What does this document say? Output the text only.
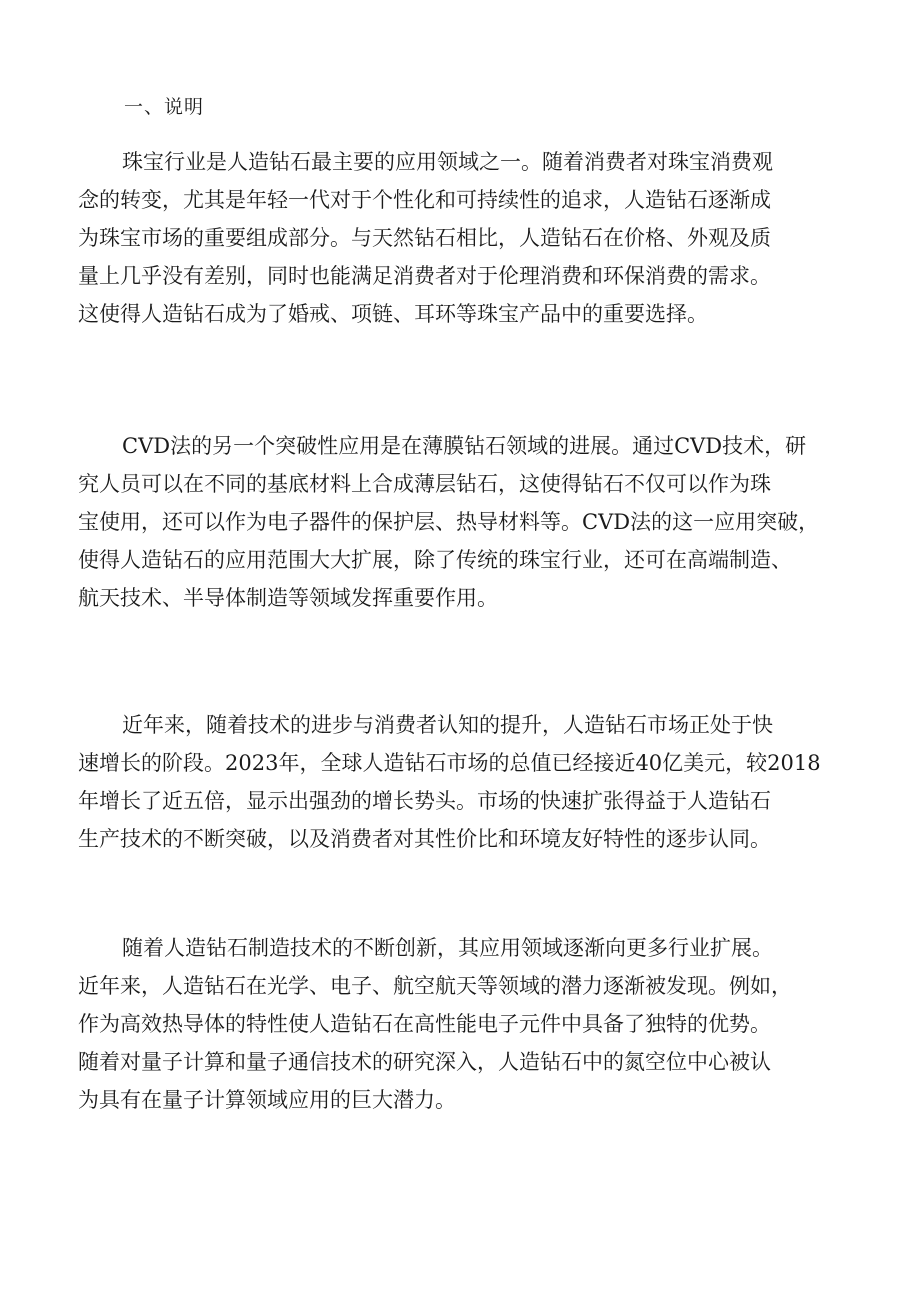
一、说明
珠宝行业是人造钻石最主要的应用领域之一。随着消费者对珠宝消费观
念的转变，尤其是年轻一代对于个性化和可持续性的追求，人造钻石逐渐成
为珠宝市场的重要组成部分。与天然钻石相比，人造钻石在价格、外观及质
量上几乎没有差别，同时也能满足消费者对于伦理消费和环保消费的需求。
这使得人造钻石成为了婚戒、项链、耳环等珠宝产品中的重要选择。
CVD法的另一个突破性应用是在薄膜钻石领域的进展。通过CVD技术，研
究人员可以在不同的基底材料上合成薄层钻石，这使得钻石不仅可以作为珠
宝使用，还可以作为电子器件的保护层、热导材料等。CVD法的这一应用突破，
使得人造钻石的应用范围大大扩展，除了传统的珠宝行业，还可在高端制造、
航天技术、半导体制造等领域发挥重要作用。
近年来，随着技术的进步与消费者认知的提升，人造钻石市场正处于快
速增长的阶段。2023年，全球人造钻石市场的总值已经接近40亿美元，较2018
年增长了近五倍，显示出强劲的增长势头。市场的快速扩张得益于人造钻石
生产技术的不断突破，以及消费者对其性价比和环境友好特性的逐步认同。
随着人造钻石制造技术的不断创新，其应用领域逐渐向更多行业扩展。
近年来，人造钻石在光学、电子、航空航天等领域的潜力逐渐被发现。例如，
作为高效热导体的特性使人造钻石在高性能电子元件中具备了独特的优势。
随着对量子计算和量子通信技术的研究深入，人造钻石中的氮空位中心被认
为具有在量子计算领域应用的巨大潜力。
